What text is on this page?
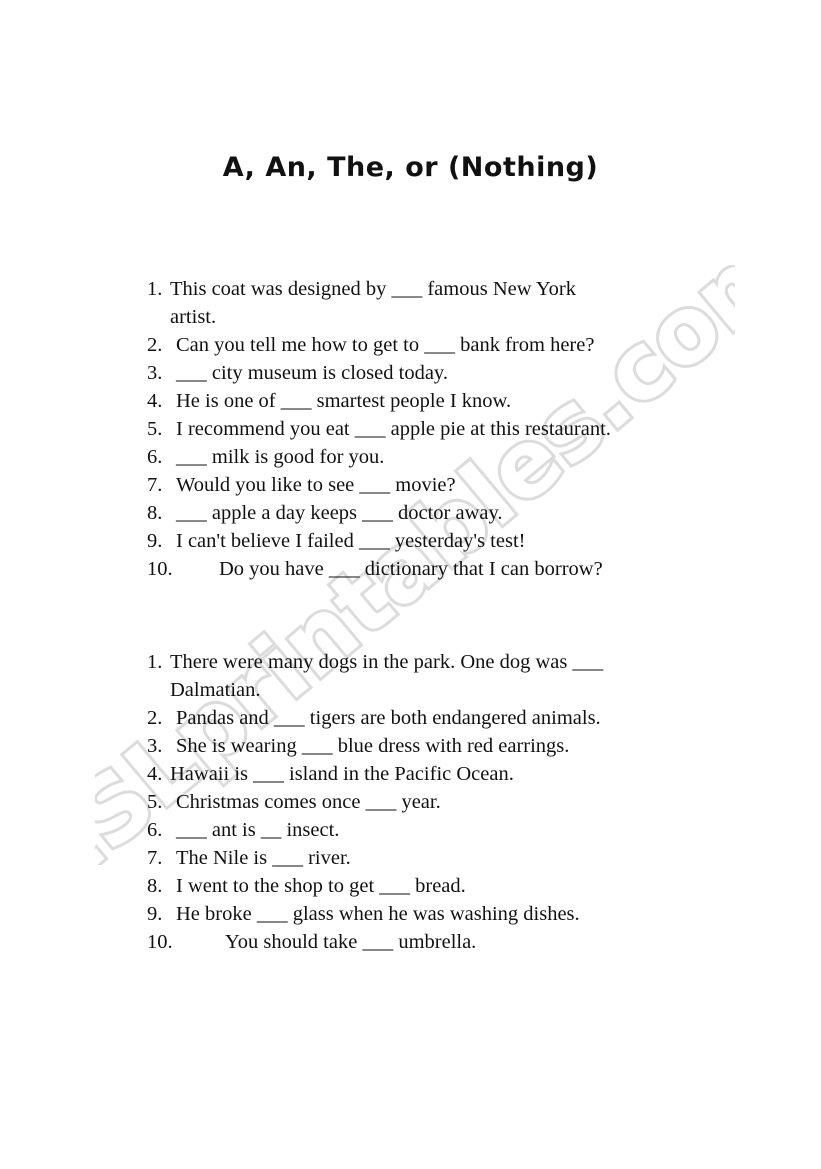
ESLprintables.com
A, An, The, or (Nothing)
1. This coat was designed by ___ famous New York
artist.
2. Can you tell me how to get to ___ bank from here?
3. ___ city museum is closed today.
4. He is one of ___ smartest people I know.
5. I recommend you eat ___ apple pie at this restaurant.
6. ___ milk is good for you.
7. Would you like to see ___ movie?
8. ___ apple a day keeps ___ doctor away.
9. I can't believe I failed ___ yesterday's test!
10. Do you have ___ dictionary that I can borrow?
1. There were many dogs in the park. One dog was ___
Dalmatian.
2. Pandas and ___ tigers are both endangered animals.
3. She is wearing ___ blue dress with red earrings.
4. Hawaii is ___ island in the Pacific Ocean.
5. Christmas comes once ___ year.
6. ___ ant is __ insect.
7. The Nile is ___ river.
8. I went to the shop to get ___ bread.
9. He broke ___ glass when he was washing dishes.
10.	You should take ___ umbrella.
